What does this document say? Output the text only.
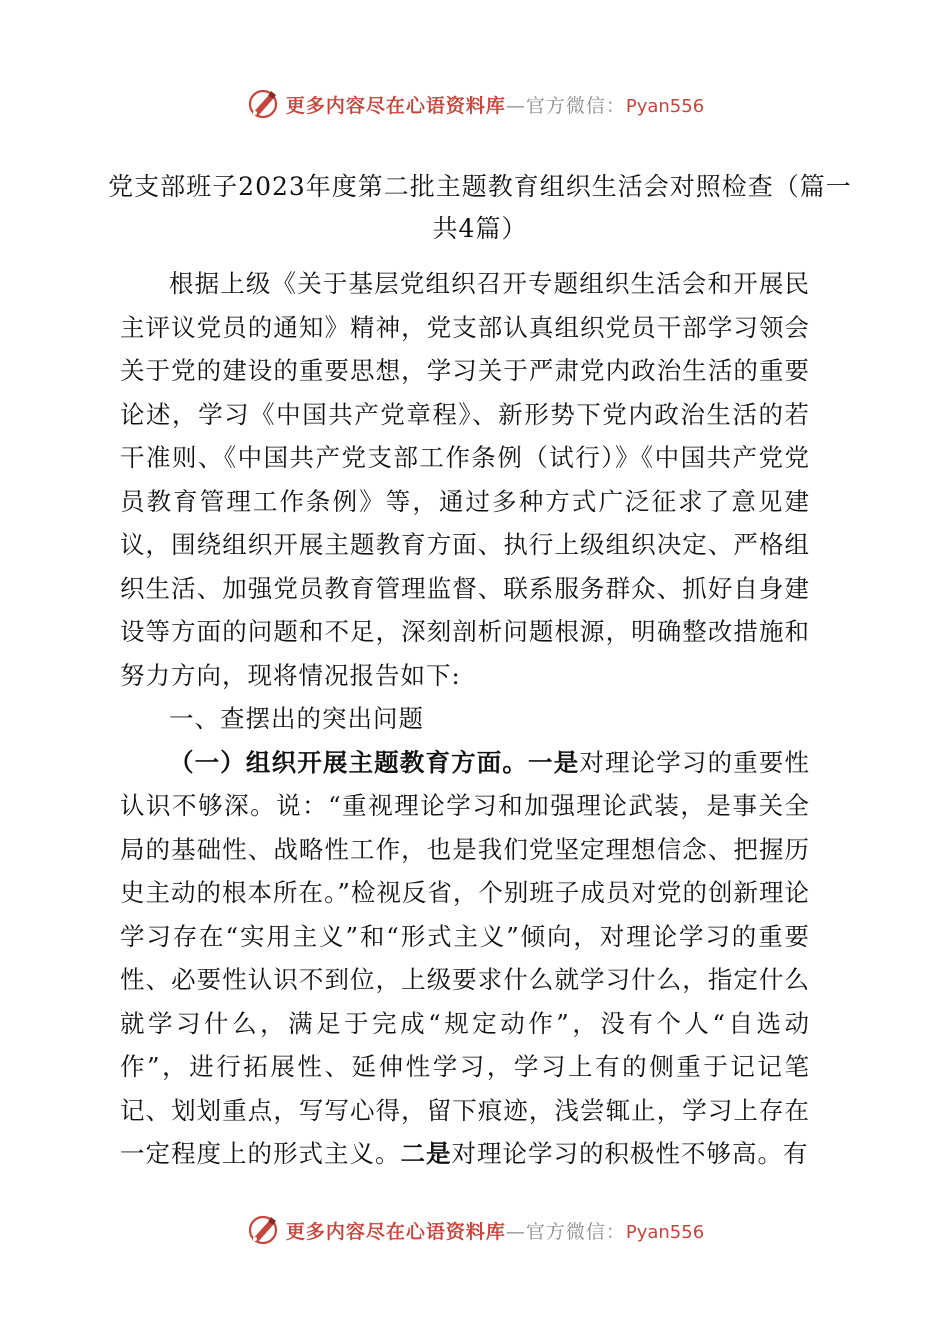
更多内容尽在心语资料库—官方微信：Pyan556
党支部班子2023年度第二批主题教育组织生活会对照检查（篇一共4篇）

根据上级《关于基层党组织召开专题组织生活会和开展民主评议党员的通知》精神，党支部认真组织党员干部学习领会关于党的建设的重要思想，学习关于严肃党内政治生活的重要论述，学习《中国共产党章程》、新形势下党内政治生活的若干准则、《中国共产党支部工作条例（试行）》《中国共产党党员教育管理工作条例》等，通过多种方式广泛征求了意见建议，围绕组织开展主题教育方面、执行上级组织决定、严格组织生活、加强党员教育管理监督、联系服务群众、抓好自身建设等方面的问题和不足，深刻剖析问题根源，明确整改措施和努力方向，现将情况报告如下:

一、查摆出的突出问题

（一）组织开展主题教育方面。一是对理论学习的重要性认识不够深。说：“重视理论学习和加强理论武装，是事关全局的基础性、战略性工作，也是我们党坚定理想信念、把握历史主动的根本所在。”检视反省，个别班子成员对党的创新理论学习存在“实用主义”和“形式主义”倾向，对理论学习的重要性、必要性认识不到位，上级要求什么就学习什么，指定什么就学习什么，满足于完成“规定动作”，没有个人“自选动作”，进行拓展性、延伸性学习，学习上有的侧重于记记笔记、划划重点，写写心得，留下痕迹，浅尝辄止，学习上存在一定程度上的形式主义。二是对理论学习的积极性不够高。有

更多内容尽在心语资料库—官方微信：Pyan556
